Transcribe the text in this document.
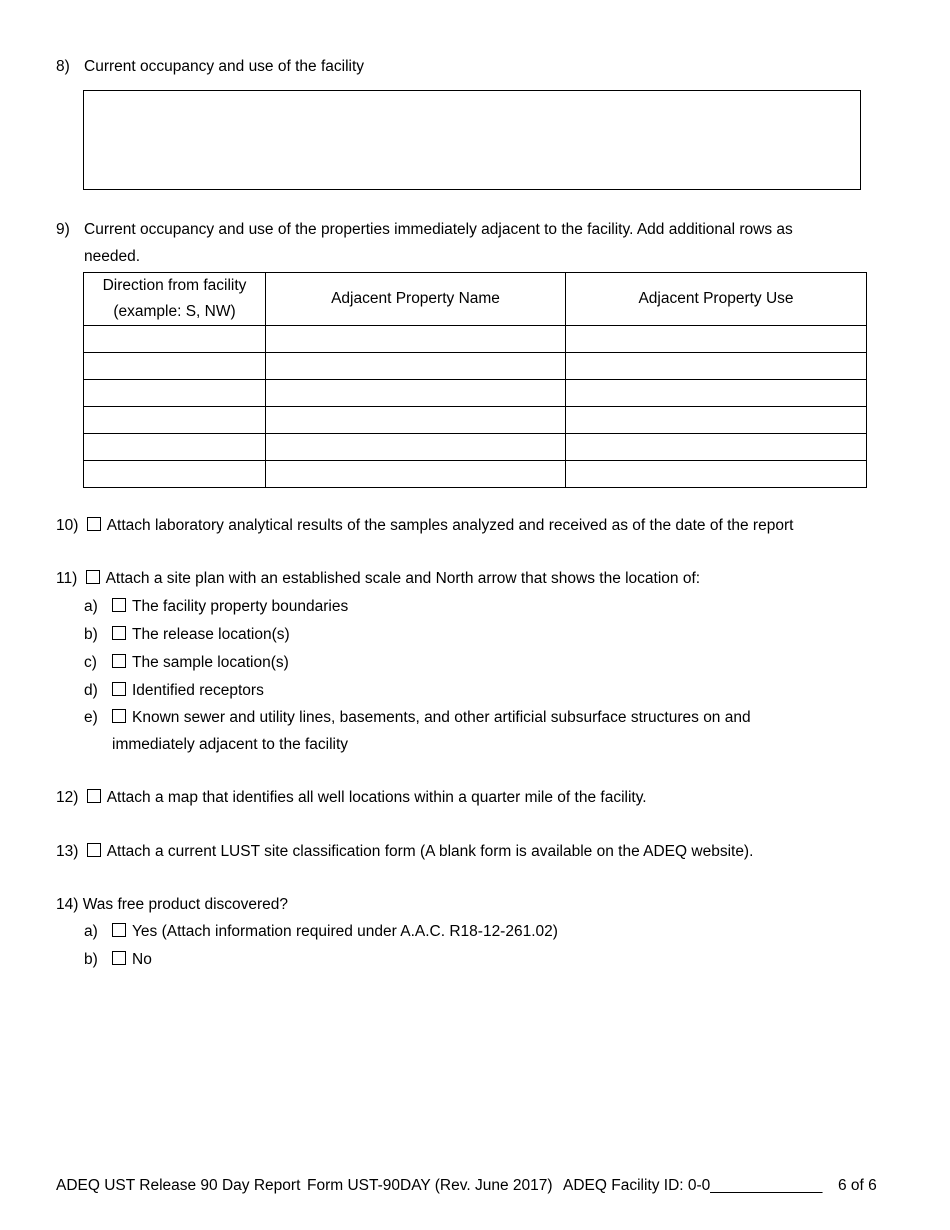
8) Current occupancy and use of the facility
9) Current occupancy and use of the properties immediately adjacent to the facility. Add additional rows as
needed.
Direction from facility
(example: S, NW)	Adjacent Property Name	Adjacent Property Use

10) Attach laboratory analytical results of the samples analyzed and received as of the date of the report
11) Attach a site plan with an established scale and North arrow that shows the location of:
a) The facility property boundaries
b) The release location(s)
c) The sample location(s)
d) Identified receptors
e) Known sewer and utility lines, basements, and other artificial subsurface structures on and
immediately adjacent to the facility
12) Attach a map that identifies all well locations within a quarter mile of the facility.
13) Attach a current LUST site classification form (A blank form is available on the ADEQ website).
14) Was free product discovered?
a) Yes (Attach information required under A.A.C. R18-12-261.02)
b) No
ADEQ UST Release 90 Day Report Form UST-90DAY (Rev. June 2017) ADEQ Facility ID: 0-0_____________ 6 of 6
